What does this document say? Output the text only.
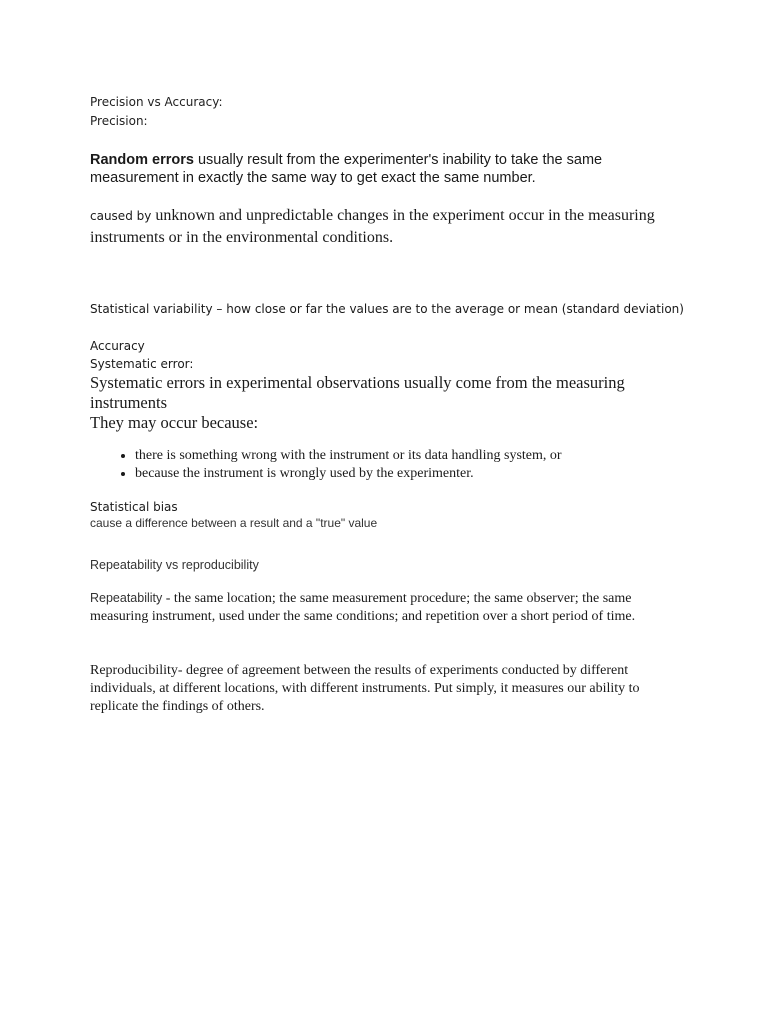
Precision vs Accuracy:
Precision:

Random errors usually result from the experimenter's inability to take the same measurement in exactly the same way to get exact the same number.

caused by unknown and unpredictable changes in the experiment occur in the measuring instruments or in the environmental conditions.

Statistical variability – how close or far the values are to the average or mean (standard deviation)

Accuracy
Systematic error:

Systematic errors in experimental observations usually come from the measuring instruments

They may occur because:

• there is something wrong with the instrument or its data handling system, or
• because the instrument is wrongly used by the experimenter.
Statistical bias
cause a difference between a result and a "true" value

Repeatability vs reproducibility

Repeatability - the same location; the same measurement procedure; the same observer; the same measuring instrument, used under the same conditions; and repetition over a short period of time.

Reproducibility- degree of agreement between the results of experiments conducted by different individuals, at different locations, with different instruments. Put simply, it measures our ability to replicate the findings of others.
